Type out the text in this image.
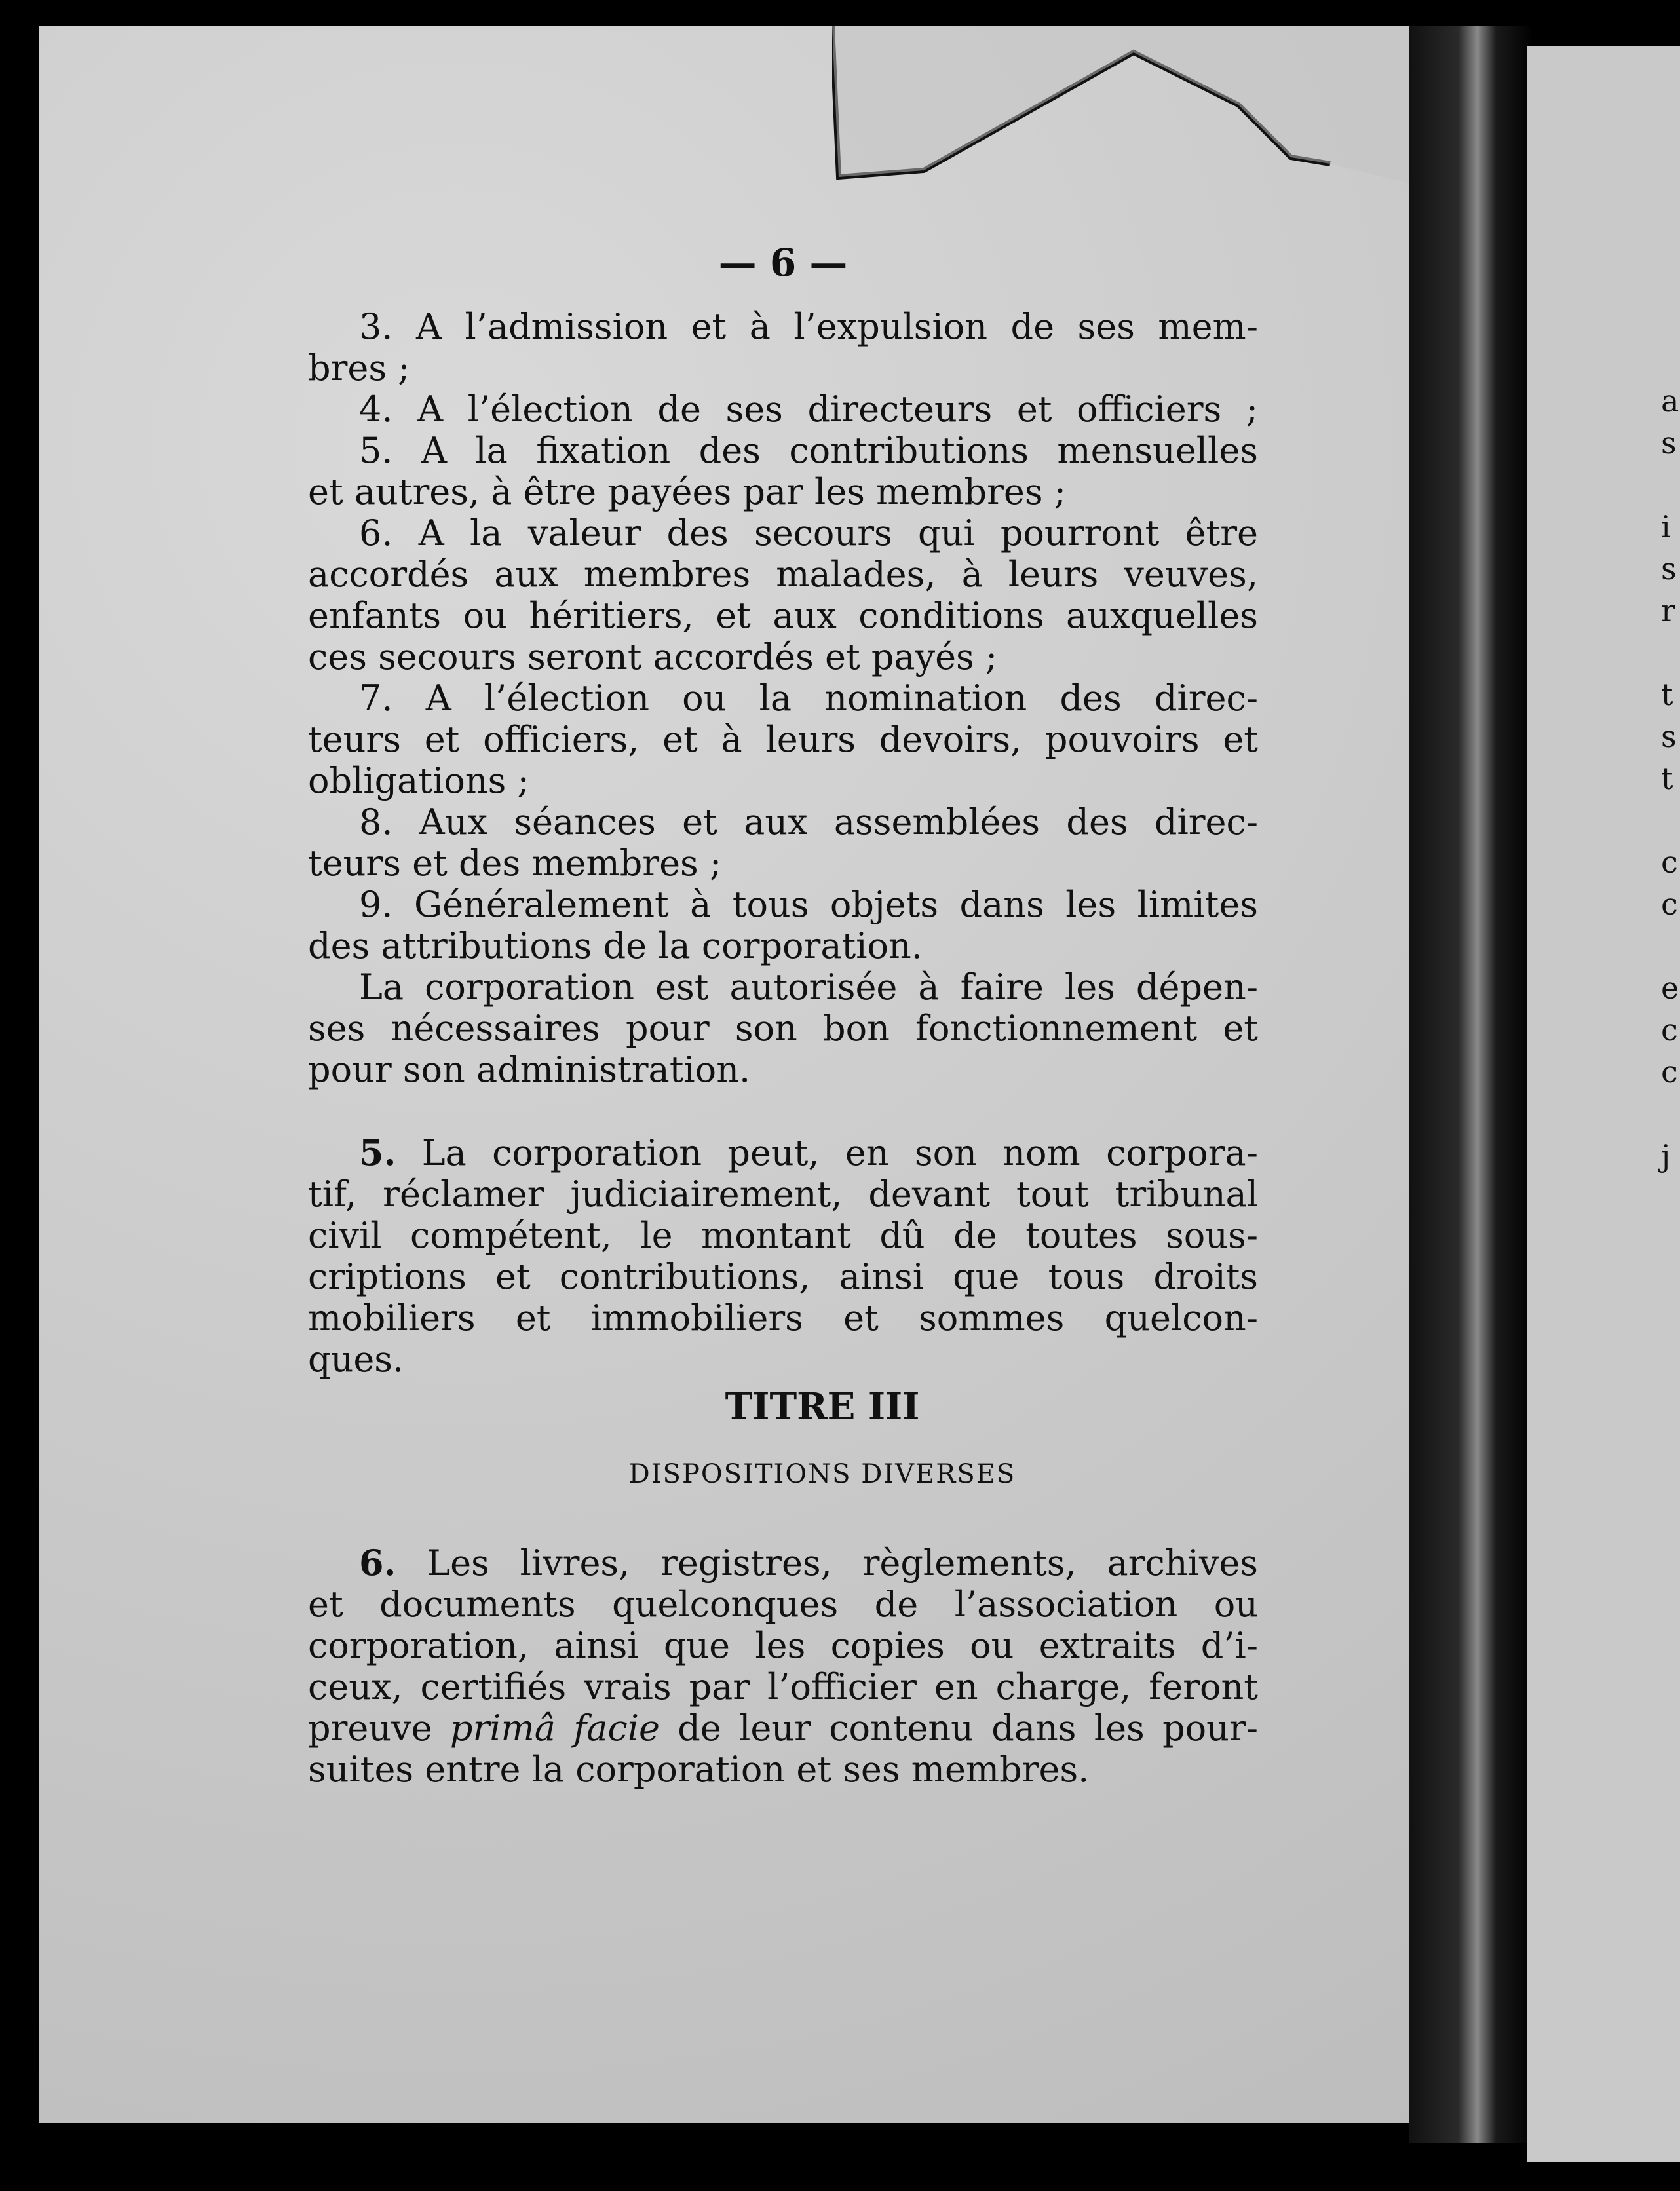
— 6 —
3. A l’admission et à l’expulsion de ses mem-
bres ;
4. A l’élection de ses directeurs et officiers ;
5. A la fixation des contributions mensuelles
et autres, à être payées par les membres ;
6. A la valeur des secours qui pourront être
accordés aux membres malades, à leurs veuves,
enfants ou héritiers, et aux conditions auxquelles
ces secours seront accordés et payés ;
7. A l’élection ou la nomination des direc-
teurs et officiers, et à leurs devoirs, pouvoirs et
obligations ;
8. Aux séances et aux assemblées des direc-
teurs et des membres ;
9. Généralement à tous objets dans les limites
des attributions de la corporation.
La corporation est autorisée à faire les dépen-
ses nécessaires pour son bon fonctionnement et
pour son administration.
5. La corporation peut, en son nom corpora-
tif, réclamer judiciairement, devant tout tribunal
civil compétent, le montant dû de toutes sous-
criptions et contributions, ainsi que tous droits
mobiliers et immobiliers et sommes quelcon-
ques.
TITRE III
DISPOSITIONS DIVERSES
6. Les livres, registres, règlements, archives
et documents quelconques de l’association ou
corporation, ainsi que les copies ou extraits d’i-
ceux, certifiés vrais par l’officier en charge, feront
preuve primâ facie de leur contenu dans les pour-
suites entre la corporation et ses membres.
a
s

i
s
r

t
s
t

c
c

e
c
c

j
